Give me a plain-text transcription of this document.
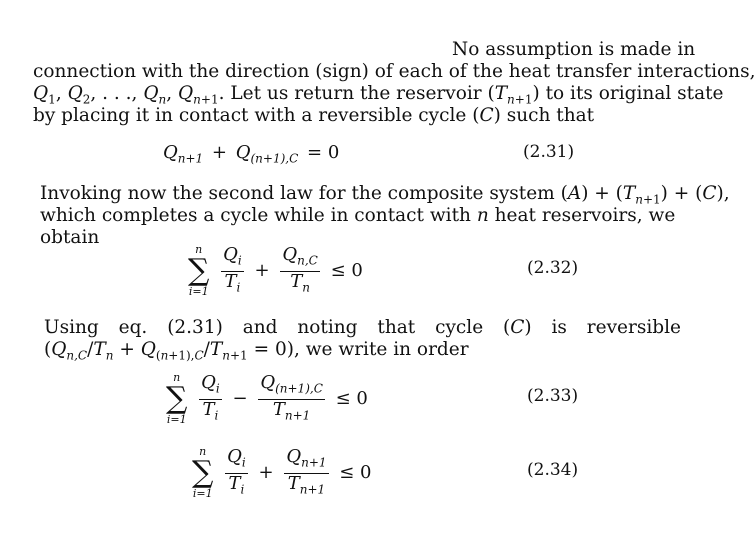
No assumption is made in
connection with the direction (sign) of each of the heat transfer interactions,
$Q_1$, $Q_2$, . . ., $Q_n$, $Q_{n+1}$. Let us return the reservoir $(T_{n+1})$ to its original state
by placing it in contact with a reversible cycle (C) such that
$Q_{n+1} + Q_{(n+1),C} = 0$	(2.31)
Invoking now the second law for the composite system $(A) + (T_{n+1}) + (C)$,
which completes a cycle while in contact with n heat reservoirs, we
obtain
n
∑
i=1
$\frac{Q_i}{T_i} + \frac{Q_{n,C}}{T_n} \le 0$	(2.32)
Using eq. (2.31) and noting that cycle (C) is reversible
$(Q_{n,C}/T_n + Q_{(n+1),C}/T_{n+1} = 0)$, we write in order
n
∑
i=1
$\frac{Q_i}{T_i} - \frac{Q_{(n+1),C}}{T_{n+1}} \le 0$	(2.33)
n
∑
i=1
$\frac{Q_i}{T_i} + \frac{Q_{n+1}}{T_{n+1}} \le 0$	(2.34)
